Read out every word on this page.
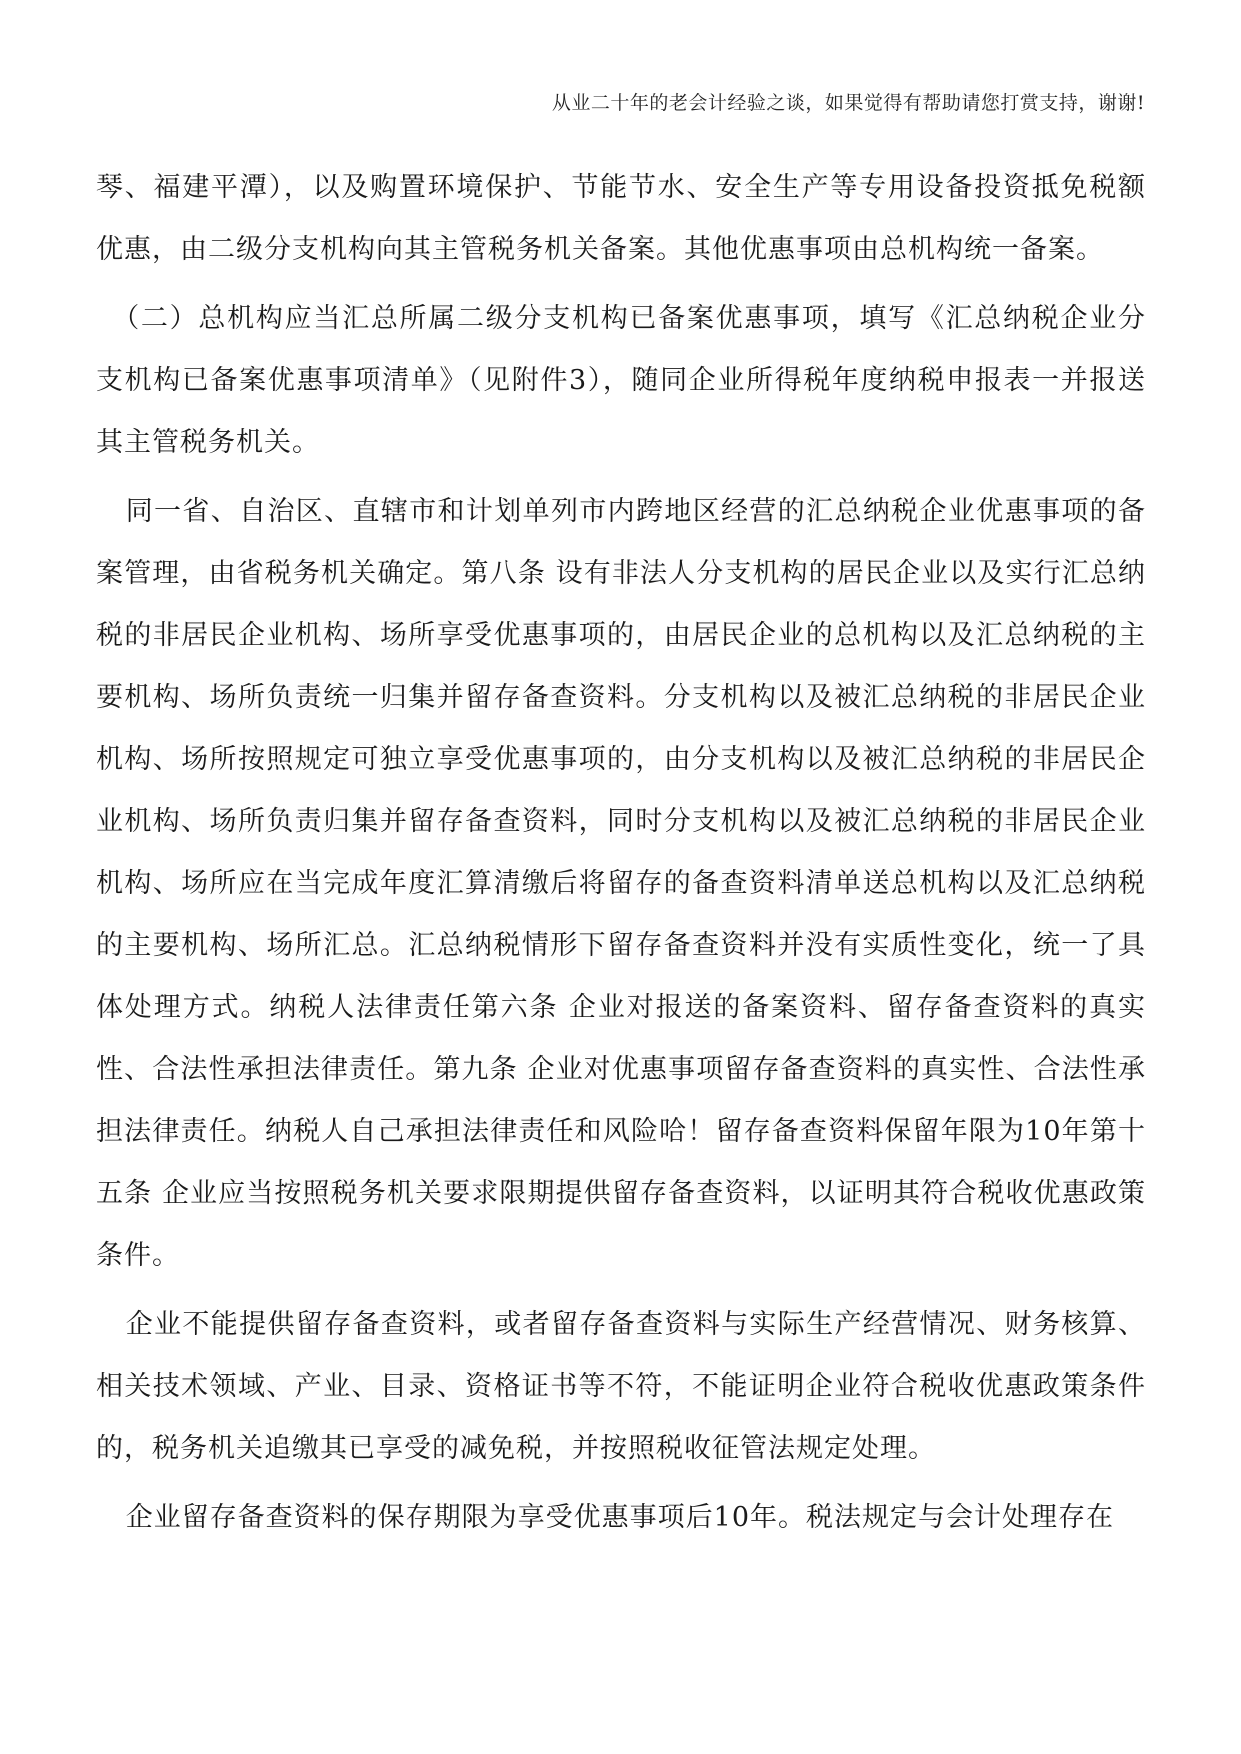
从业二十年的老会计经验之谈，如果觉得有帮助请您打赏支持，谢谢!

琴、福建平潭），以及购置环境保护、节能节水、安全生产等专用设备投资抵免税额优惠，由二级分支机构向其主管税务机关备案。其他优惠事项由总机构统一备案。

（二）总机构应当汇总所属二级分支机构已备案优惠事项，填写《汇总纳税企业分支机构已备案优惠事项清单》（见附件3），随同企业所得税年度纳税申报表一并报送其主管税务机关。

同一省、自治区、直辖市和计划单列市内跨地区经营的汇总纳税企业优惠事项的备案管理，由省税务机关确定。第八条 设有非法人分支机构的居民企业以及实行汇总纳税的非居民企业机构、场所享受优惠事项的，由居民企业的总机构以及汇总纳税的主要机构、场所负责统一归集并留存备查资料。分支机构以及被汇总纳税的非居民企业机构、场所按照规定可独立享受优惠事项的，由分支机构以及被汇总纳税的非居民企业机构、场所负责归集并留存备查资料，同时分支机构以及被汇总纳税的非居民企业机构、场所应在当完成年度汇算清缴后将留存的备查资料清单送总机构以及汇总纳税的主要机构、场所汇总。汇总纳税情形下留存备查资料并没有实质性变化，统一了具体处理方式。纳税人法律责任第六条 企业对报送的备案资料、留存备查资料的真实性、合法性承担法律责任。第九条 企业对优惠事项留存备查资料的真实性、合法性承担法律责任。纳税人自己承担法律责任和风险哈！留存备查资料保留年限为10年第十五条 企业应当按照税务机关要求限期提供留存备查资料，以证明其符合税收优惠政策条件。

企业不能提供留存备查资料，或者留存备查资料与实际生产经营情况、财务核算、相关技术领域、产业、目录、资格证书等不符，不能证明企业符合税收优惠政策条件的，税务机关追缴其已享受的减免税，并按照税收征管法规定处理。

企业留存备查资料的保存期限为享受优惠事项后10年。税法规定与会计处理存在
